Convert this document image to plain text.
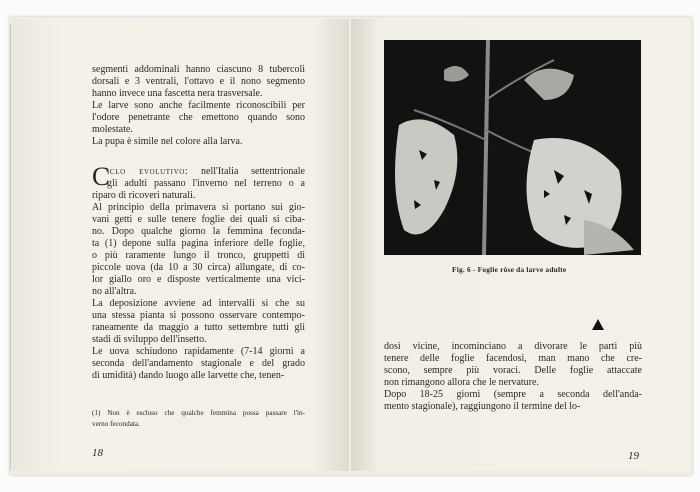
segmenti addominali hanno ciascuno 8 tubercoli
dorsali e 3 ventrali, l'ottavo e il nono segmento
hanno invece una fascetta nera trasversale.
Le larve sono anche facilmente riconoscibili per
l'odore penetrante che emettono quando sono
molestate.
La pupa è simile nel colore alla larva.
C
iclo evolutivo: nell'Italia settentrionale
gli adulti passano l'inverno nel terreno o a
riparo di ricoveri naturali.
Al principio della primavera si portano sui gio-
vani getti e sulle tenere foglie dei quali si ciba-
no. Dopo qualche giorno la femmina feconda-
ta (1) depone sulla pagina inferiore delle foglie,
o più raramente lungo il tronco, gruppetti di
piccole uova (da 10 a 30 circa) allungate, di co-
lor giallo oro e disposte verticalmente una vici-
no all'altra.
La deposizione avviene ad intervalli sì che su
una stessa pianta si possono osservare contempo-
raneamente da maggio a tutto settembre tutti gli
stadi di sviluppo dell'insetto.
Le uova schiudono rapidamente (7-14 giorni a
seconda dell'andamento stagionale e del grado
di umidità) dando luogo alle larvette che, tenen-
(1) Non è escluso che qualche femmina possa passare l'in-
verno fecondata.
18
Fig. 6 - Foglie rôse da larve adulte
dosi vicine, incominciano a divorare le parti più
tenere delle foglie facendosi, man mano che cre-
scono, sempre più voraci. Delle foglie attaccate
non rimangono allora che le nervature.
Dopo 18-25 giorni (sempre a seconda dell'anda-
mento stagionale), raggiungono il termine del lo-
19
